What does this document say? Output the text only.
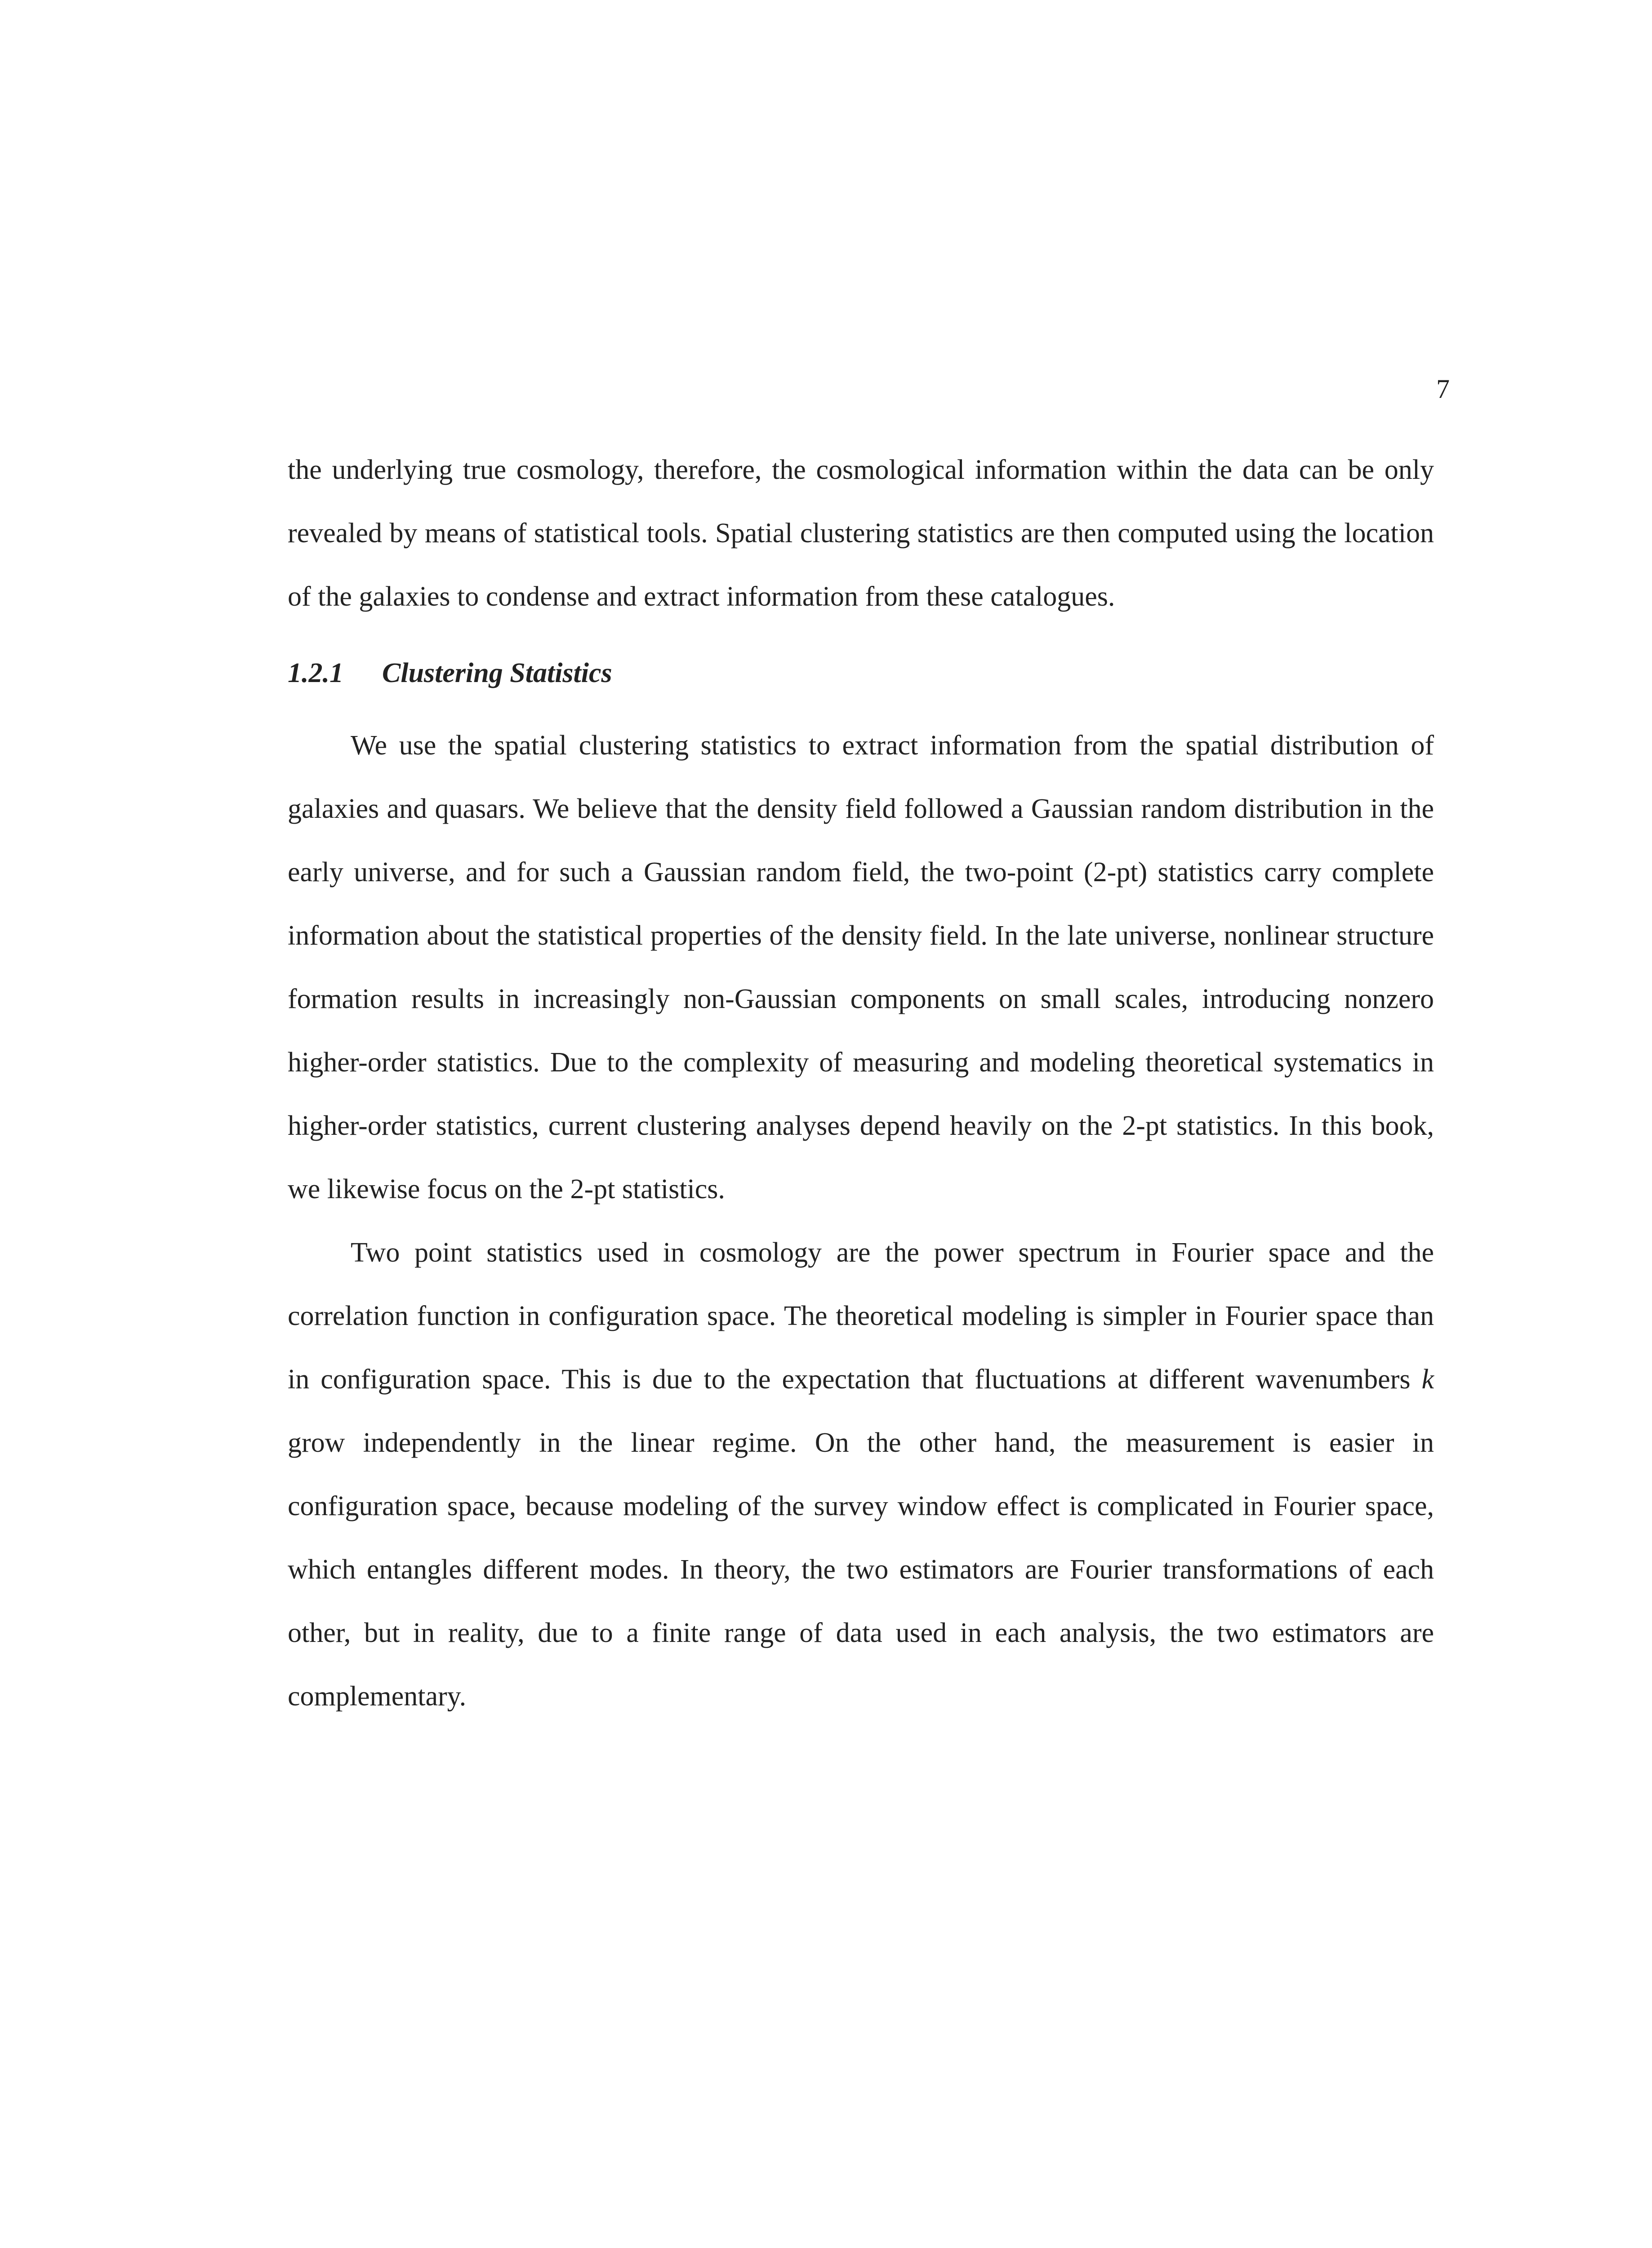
7

the underlying true cosmology, therefore, the cosmological information within the data can be only revealed by means of statistical tools. Spatial clustering statistics are then computed using the location of the galaxies to condense and extract information from these catalogues.

1.2.1 Clustering Statistics

We use the spatial clustering statistics to extract information from the spatial distribution of galaxies and quasars. We believe that the density field followed a Gaussian random distribution in the early universe, and for such a Gaussian random field, the two-point (2-pt) statistics carry complete information about the statistical properties of the density field. In the late universe, nonlinear structure formation results in increasingly non-Gaussian components on small scales, introducing nonzero higher-order statistics. Due to the complexity of measuring and modeling theoretical systematics in higher-order statistics, current clustering analyses depend heavily on the 2-pt statistics. In this book, we likewise focus on the 2-pt statistics.

Two point statistics used in cosmology are the power spectrum in Fourier space and the correlation function in configuration space. The theoretical modeling is simpler in Fourier space than in configuration space. This is due to the expectation that fluctuations at different wavenumbers k grow independently in the linear regime. On the other hand, the measurement is easier in configuration space, because modeling of the survey window effect is complicated in Fourier space, which entangles different modes. In theory, the two estimators are Fourier transformations of each other, but in reality, due to a finite range of data used in each analysis, the two estimators are complementary.
